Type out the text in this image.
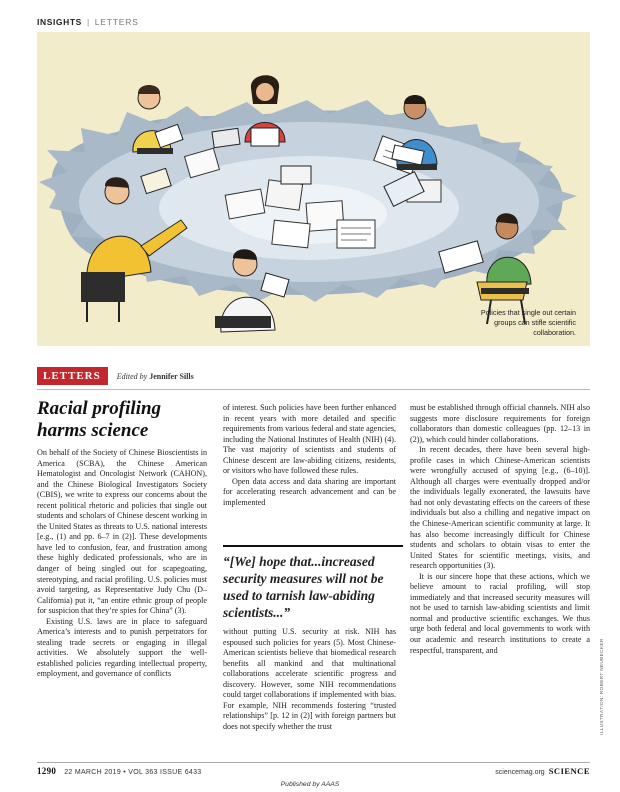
INSIGHTS | LETTERS
Policies that single out certain groups can stifle scientific collaboration.
LETTERS	Edited by Jennifer Sills
Racial profiling harms science

On behalf of the Society of Chinese Bioscientists in America (SCBA), the Chinese American Hematologist and Oncologist Network (CAHON), and the Chinese Biological Investigators Society (CBIS), we write to express our concerns about the recent political rhetoric and policies that single out students and scholars of Chinese descent working in the United States as threats to U.S. national interests [e.g., (1) and pp. 6–7 in (2)]. These developments have led to confusion, fear, and frustration among these highly dedicated professionals, who are in danger of being singled out for scapegoating, stereotyping, and racial profiling. U.S. policies must avoid targeting, as Representative Judy Chu (D–California) put it, “an entire ethnic group of people for suspicion that they’re spies for China” (3).

Existing U.S. laws are in place to safeguard America’s interests and to punish perpetrators for stealing trade secrets or engaging in illegal activities. We absolutely support the well-established policies regarding intellectual property, employment, and governance of conflicts

of interest. Such policies have been further enhanced in recent years with more detailed and specific requirements from various federal and state agencies, including the National Institutes of Health (NIH) (4). The vast majority of scientists and students of Chinese descent are law-abiding citizens, residents, or visitors who have followed these rules.

Open data access and data sharing are important for accelerating research advancement and can be implemented

“[We] hope that...increased security measures will not be used to tarnish law-abiding scientists...”

without putting U.S. security at risk. NIH has espoused such policies for years (5). Most Chinese-American scientists believe that biomedical research benefits all mankind and that multinational collaborations accelerate scientific progress and discovery. However, some NIH recommendations could target collaborations if implemented with bias. For example, NIH recommends fostering “trusted relationships” [p. 12 in (2)] with foreign partners but does not specify whether the trust

must be established through official channels. NIH also suggests more disclosure requirements for foreign collaborators than domestic colleagues (pp. 12–13 in (2)), which could hinder collaborations.

In recent decades, there have been several high-profile cases in which Chinese-American scientists were wrongfully accused of spying [e.g., (6–10)]. Although all charges were eventually dropped and/or the individuals legally exonerated, the lawsuits have had not only devastating effects on the careers of these individuals but also a chilling and negative impact on the Chinese-American scientific community at large. It has also become increasingly difficult for Chinese students and scholars to obtain visas to enter the United States for scientific meetings, visits, and research opportunities (3).

It is our sincere hope that these actions, which we believe amount to racial profiling, will stop immediately and that increased security measures will not be used to tarnish law-abiding scientists and limit normal and productive scientific exchanges. We thus urge both federal and local governments to work with our academic and research institutions to create a respectful, transparent, and	ILLUSTRATION: ROBERT NEUBECKER
1290 22 MARCH 2019 • VOL 363 ISSUE 6433	sciencemag.org SCIENCE
Published by AAAS
